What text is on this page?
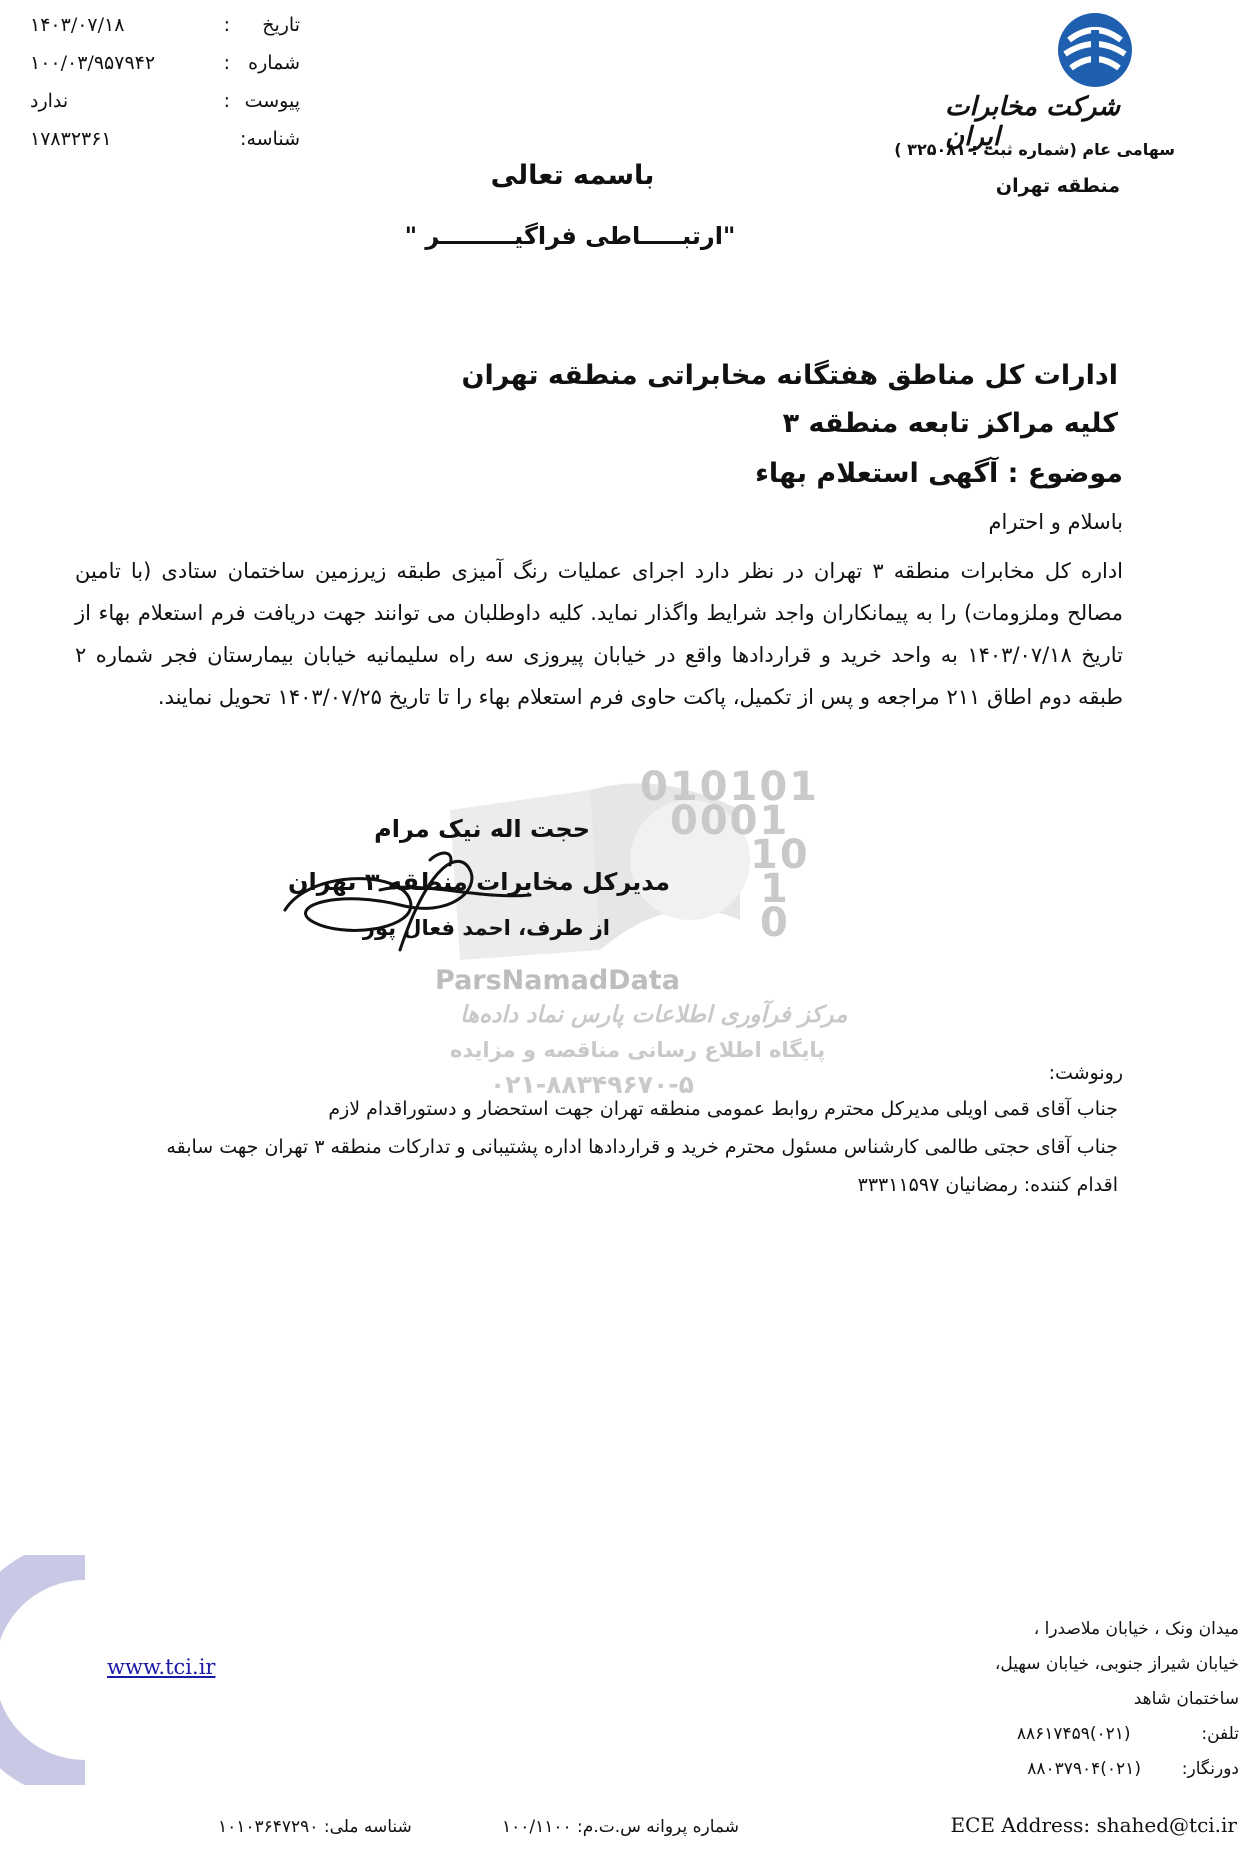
تاریخ
:
۱۴۰۳/۰۷/۱۸
شماره
:
۱۰۰/۰۳/۹۵۷۹۴۲
پیوست
:
ندارد
شناسه:
۱۷۸۳۲۳۶۱
شرکت مخابرات ایران
سهامی عام (شماره ثبت : ۳۲۵۰۸۱ )
منطقه تهران
باسمه تعالی
"ارتبـــــاطی فراگیـــــــــر "
ادارات کل مناطق هفتگانه مخابراتی منطقه تهران
کلیه مراکز تابعه منطقه ۳
موضوع : آگهی استعلام بهاء
باسلام و احترام
اداره کل مخابرات منطقه ۳ تهران در نظر دارد اجرای عملیات رنگ آمیزی طبقه زیرزمین ساختمان ستادی (با تامین مصالح وملزومات) را به پیمانکاران واجد شرایط واگذار نماید. کلیه داوطلبان می توانند جهت دریافت فرم استعلام بهاء از تاریخ ۱۴۰۳/۰۷/۱۸ به واحد خرید و قراردادها واقع در خیابان پیروزی سه راه سلیمانیه خیابان بیمارستان فجر شماره ۲ طبقه دوم اطاق ۲۱۱ مراجعه و پس از تکمیل، پاکت حاوی فرم استعلام بهاء را تا تاریخ ۱۴۰۳/۰۷/۲۵ تحویل نمایند.
010101
0001
10
1
0
ParsNamadData
مرکز فرآوری اطلاعات پارس نماد داده‌ها
پایگاه اطلاع رسانی مناقصه و مزایده
۰۲۱-۸۸۳۴۹۶۷۰-۵
حجت اله نیک مرام
مدیرکل مخابرات منطقه ۳ تهران
از طرف، احمد فعال پور
رونوشت:
جناب آقای قمی اویلی مدیرکل محترم روابط عمومی منطقه تهران جهت استحضار و دستوراقدام لازم
جناب آقای حجتی طالمی کارشناس مسئول محترم خرید و قراردادها اداره پشتیبانی و تدارکات منطقه ۳ تهران جهت سابقه
اقدام کننده: رمضانیان ۳۳۳۱۱۵۹۷
www.tci.ir
میدان ونک ، خیابان ملاصدرا ،
خیابان شیراز جنوبی، خیابان سهیل،
ساختمان شاهد
تلفن:  (۰۲۱)۸۸۶۱۷۴۵۹
دورنگار:  (۰۲۱)۸۸۰۳۷۹۰۴
ECE Address: shahed@tci.ir
شماره پروانه س.ت.م: ۱۰۰/۱۱۰۰
شناسه ملی: ۱۰۱۰۳۶۴۷۲۹۰
